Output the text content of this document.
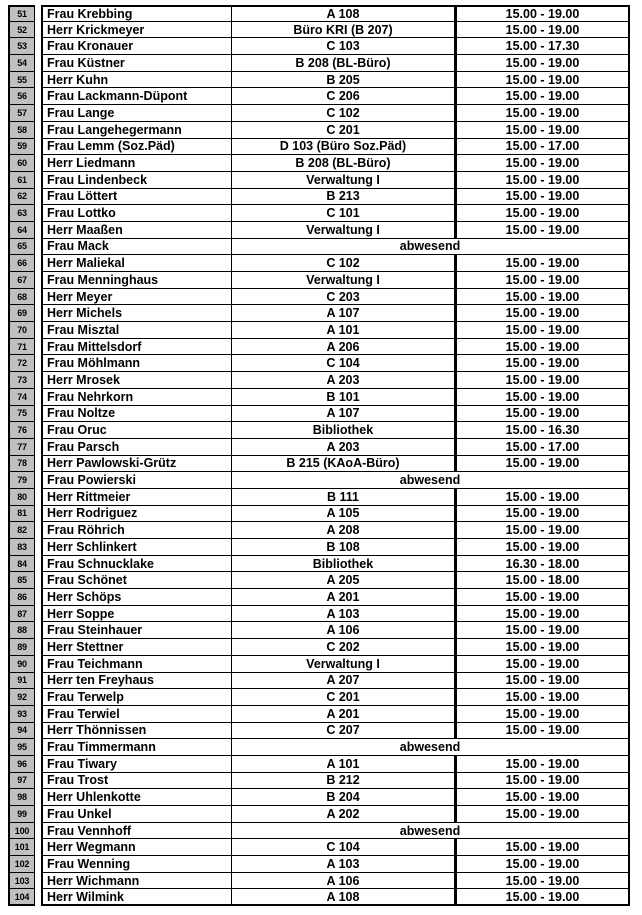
51	Frau Krebbing	A 108	15.00 - 19.00
52	Herr Krickmeyer	Büro KRI (B 207)	15.00 - 19.00
53	Frau Kronauer	C 103	15.00 - 17.30
54	Frau Küstner	B 208 (BL-Büro)	15.00 - 19.00
55	Herr Kuhn	B 205	15.00 - 19.00
56	Frau Lackmann-Düpont	C 206	15.00 - 19.00
57	Frau Lange	C 102	15.00 - 19.00
58	Frau Langehegermann	C 201	15.00 - 19.00
59	Frau Lemm (Soz.Päd)	D 103 (Büro Soz.Päd)	15.00 - 17.00
60	Herr Liedmann	B 208 (BL-Büro)	15.00 - 19.00
61	Frau Lindenbeck	Verwaltung I	15.00 - 19.00
62	Frau Löttert	B 213	15.00 - 19.00
63	Frau Lottko	C 101	15.00 - 19.00
64	Herr Maaßen	Verwaltung I	15.00 - 19.00
65	Frau Mack	abwesend
66	Herr Maliekal	C 102	15.00 - 19.00
67	Frau Menninghaus	Verwaltung I	15.00 - 19.00
68	Herr Meyer	C 203	15.00 - 19.00
69	Herr Michels	A 107	15.00 - 19.00
70	Frau Misztal	A 101	15.00 - 19.00
71	Frau Mittelsdorf	A 206	15.00 - 19.00
72	Frau Möhlmann	C 104	15.00 - 19.00
73	Herr Mrosek	A 203	15.00 - 19.00
74	Frau Nehrkorn	B 101	15.00 - 19.00
75	Frau Noltze	A 107	15.00 - 19.00
76	Frau Oruc	Bibliothek	15.00 - 16.30
77	Frau Parsch	A 203	15.00 - 17.00
78	Herr Pawlowski-Grütz	B 215 (KAoA-Büro)	15.00 - 19.00
79	Frau Powierski	abwesend
80	Herr Rittmeier	B 111	15.00 - 19.00
81	Herr Rodriguez	A 105	15.00 - 19.00
82	Frau Röhrich	A 208	15.00 - 19.00
83	Herr Schlinkert	B 108	15.00 - 19.00
84	Frau Schnucklake	Bibliothek	16.30 - 18.00
85	Frau Schönet	A 205	15.00 - 18.00
86	Herr Schöps	A 201	15.00 - 19.00
87	Herr Soppe	A 103	15.00 - 19.00
88	Frau Steinhauer	A 106	15.00 - 19.00
89	Herr Stettner	C 202	15.00 - 19.00
90	Frau Teichmann	Verwaltung I	15.00 - 19.00
91	Herr ten Freyhaus	A 207	15.00 - 19.00
92	Frau Terwelp	C 201	15.00 - 19.00
93	Frau Terwiel	A 201	15.00 - 19.00
94	Herr Thönnissen	C 207	15.00 - 19.00
95	Frau Timmermann	abwesend
96	Frau Tiwary	A 101	15.00 - 19.00
97	Frau Trost	B 212	15.00 - 19.00
98	Herr Uhlenkotte	B 204	15.00 - 19.00
99	Frau Unkel	A 202	15.00 - 19.00
100	Frau Vennhoff	abwesend
101	Herr Wegmann	C 104	15.00 - 19.00
102	Frau Wenning	A 103	15.00 - 19.00
103	Herr Wichmann	A 106	15.00 - 19.00
104	Herr Wilmink	A 108	15.00 - 19.00
